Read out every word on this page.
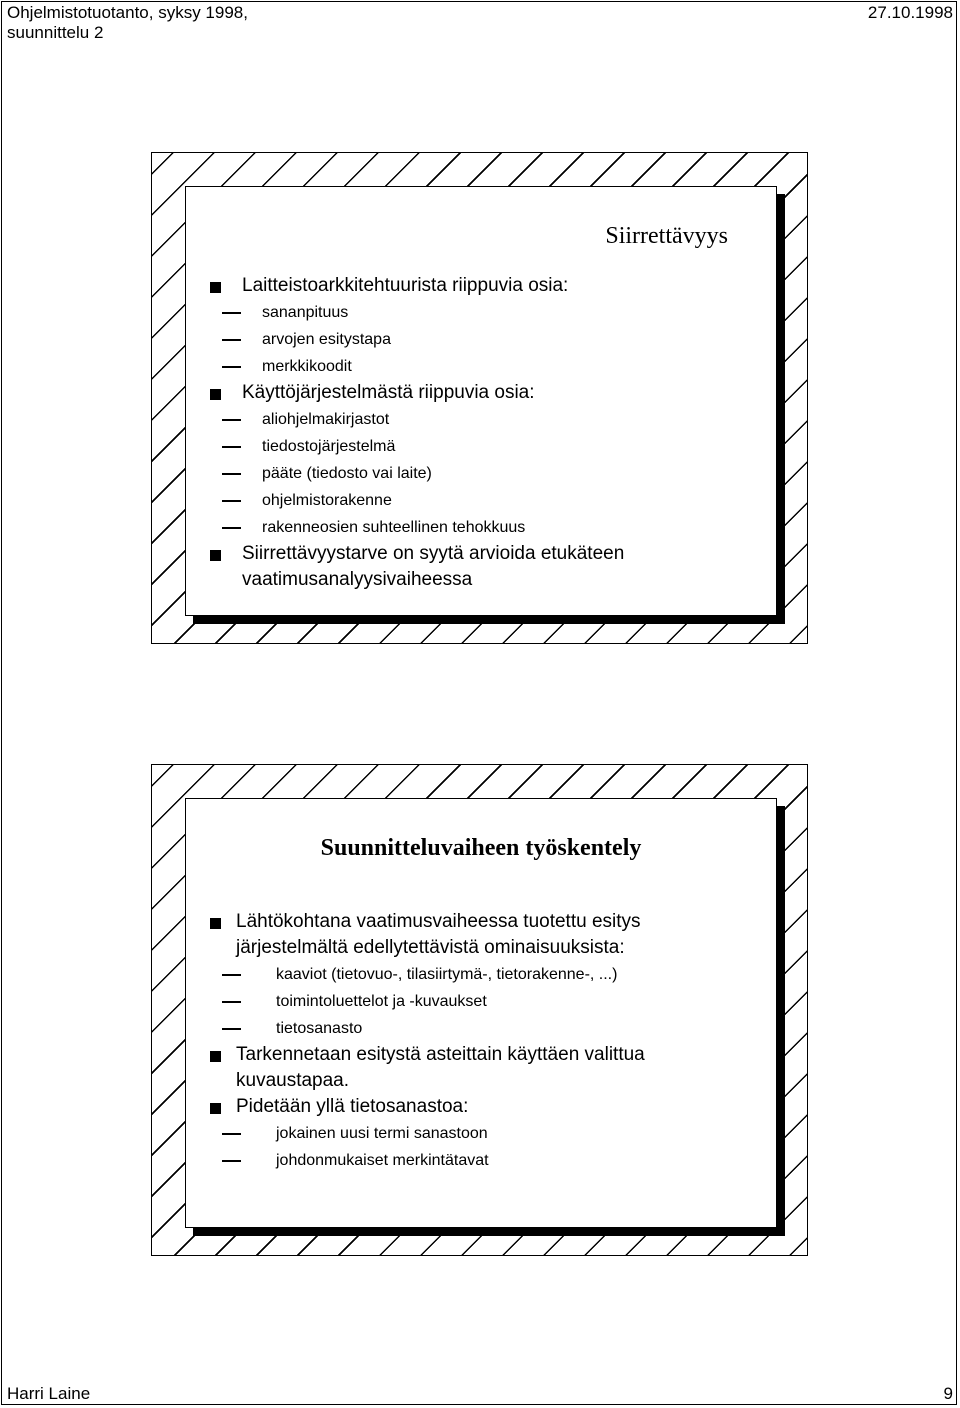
Ohjelmistotuotanto, syksy 1998,
suunnittelu 2
27.10.1998
Siirrettävyys
Laitteistoarkkitehtuurista riippuvia osia:
sananpituus
arvojen esitystapa
merkkikoodit
Käyttöjärjestelmästä riippuvia osia:
aliohjelmakirjastot
tiedostojärjestelmä
pääte (tiedosto vai laite)
ohjelmistorakenne
rakenneosien suhteellinen tehokkuus
Siirrettävyystarve on syytä arvioida etukäteen
vaatimusanalyysivaiheessa
Suunnitteluvaiheen työskentely
Lähtökohtana vaatimusvaiheessa tuotettu esitys
järjestelmältä edellytettävistä ominaisuuksista:
kaaviot (tietovuo-, tilasiirtymä-, tietorakenne-, ...)
toimintoluettelot ja -kuvaukset
tietosanasto
Tarkennetaan esitystä asteittain käyttäen valittua
kuvaustapaa.
Pidetään yllä tietosanastoa:
jokainen uusi termi sanastoon
johdonmukaiset merkintätavat
Harri Laine	9
